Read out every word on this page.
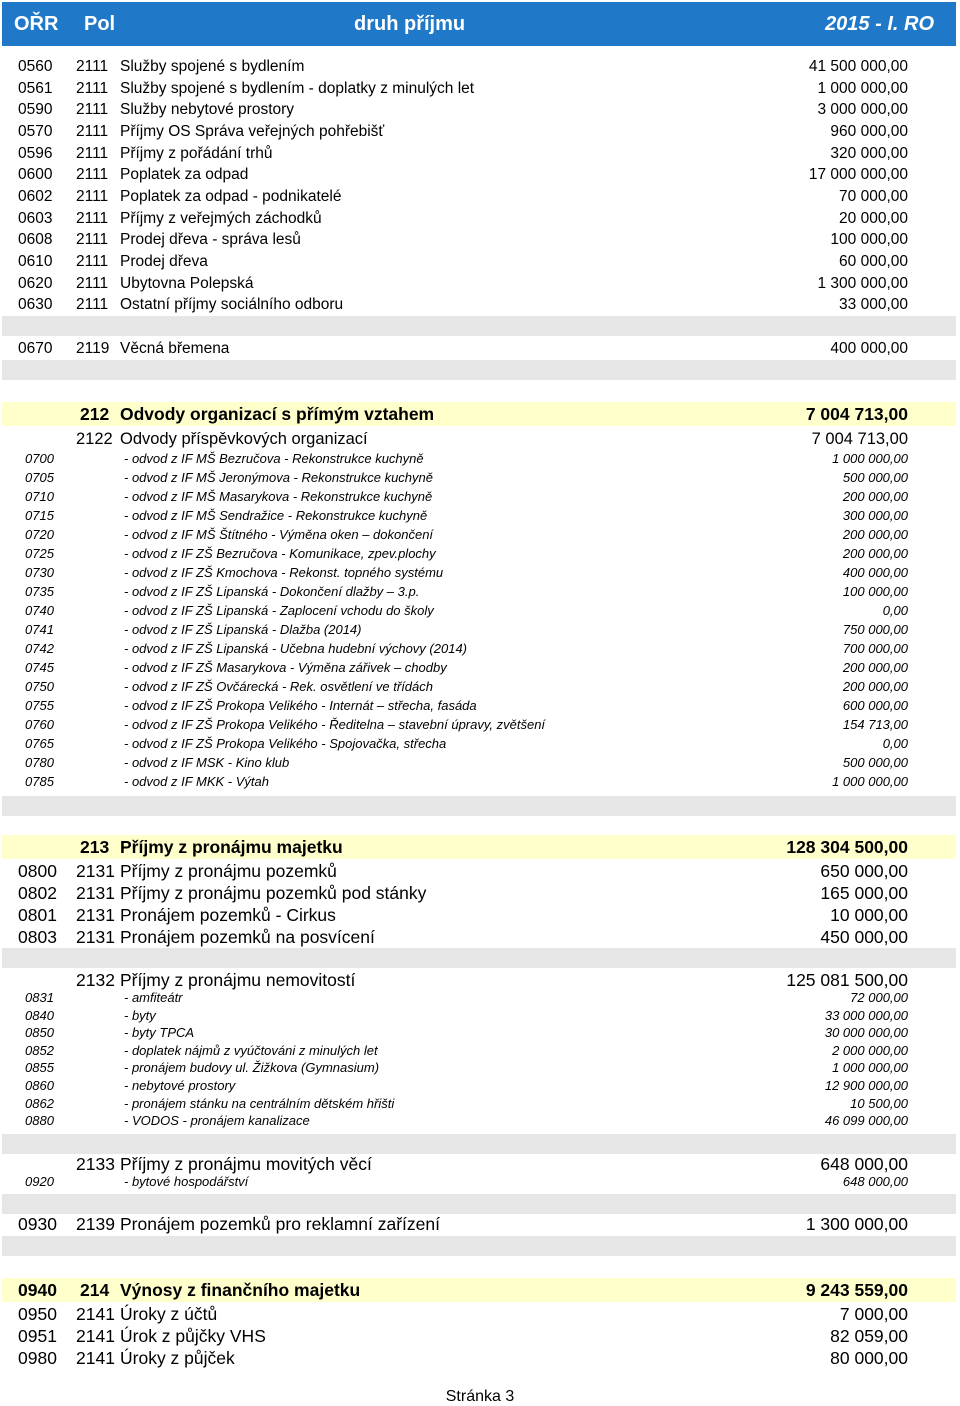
OŘR Pol	druh příjmu	2015 - I. RO
0560 2111 Služby spojené s bydlením	41 500 000,00
0561 2111 Služby spojené s bydlením - doplatky z minulých let	1 000 000,00
0590 2111 Služby nebytové prostory	3 000 000,00
0570 2111 Příjmy OS Správa veřejných pohřebišť	960 000,00
0596 2111 Příjmy z pořádání trhů	320 000,00
0600 2111 Poplatek za odpad	17 000 000,00
0602 2111 Poplatek za odpad - podnikatelé	70 000,00
0603 2111 Příjmy z veřejmých záchodků	20 000,00
0608 2111 Prodej dřeva - správa lesů	100 000,00
0610 2111 Prodej dřeva	60 000,00
0620 2111 Ubytovna Polepská	1 300 000,00
0630 2111 Ostatní příjmy sociálního odboru	33 000,00
0670 2119 Věcná břemena	400 000,00
212 Odvody organizací s přímým vztahem	7 004 713,00
2122 Odvody příspěvkových organizací	7 004 713,00
0700	- odvod z IF MŠ Bezručova - Rekonstrukce kuchyně	1 000 000,00
0705	- odvod z IF MŠ Jeronýmova - Rekonstrukce kuchyně	500 000,00
0710	- odvod z IF MŠ Masarykova - Rekonstrukce kuchyně	200 000,00
0715	- odvod z IF MŠ Sendražice - Rekonstrukce kuchyně	300 000,00
0720	- odvod z IF MŠ Štítného - Výměna oken – dokončení	200 000,00
0725	- odvod z IF ZŠ Bezručova - Komunikace, zpev.plochy	200 000,00
0730	- odvod z IF ZŠ Kmochova - Rekonst. topného systému	400 000,00
0735	- odvod z IF ZŠ Lipanská - Dokončení dlažby – 3.p.	100 000,00
0740	- odvod z IF ZŠ Lipanská - Zaplocení vchodu do školy	0,00
0741	- odvod z IF ZŠ Lipanská - Dlažba (2014)	750 000,00
0742	- odvod z IF ZŠ Lipanská - Učebna hudební výchovy (2014)	700 000,00
0745	- odvod z IF ZŠ Masarykova - Výměna zářivek – chodby	200 000,00
0750	- odvod z IF ZŠ Ovčárecká - Rek. osvětlení ve třídách	200 000,00
0755	- odvod z IF ZŠ Prokopa Velikého - Internát – střecha, fasáda	600 000,00
0760	- odvod z IF ZŠ Prokopa Velikého - Ředitelna – stavební úpravy, zvětšení	154 713,00
0765	- odvod z IF ZŠ Prokopa Velikého - Spojovačka, střecha	0,00
0780	- odvod z IF MSK - Kino klub	500 000,00
0785	- odvod z IF MKK - Výtah	1 000 000,00
213 Příjmy z pronájmu majetku	128 304 500,00
0800 2131 Příjmy z pronájmu pozemků	650 000,00
0802 2131 Příjmy z pronájmu pozemků pod stánky	165 000,00
0801 2131 Pronájem pozemků - Cirkus	10 000,00
0803 2131 Pronájem pozemků na posvícení	450 000,00
2132 Příjmy z pronájmu nemovitostí	125 081 500,00
0831	- amfiteátr	72 000,00
0840	- byty	33 000 000,00
0850	- byty TPCA	30 000 000,00
0852	- doplatek nájmů z vyúčtováni z minulých let	2 000 000,00
0855	- pronájem budovy ul. Žižkova (Gymnasium)	1 000 000,00
0860	- nebytové prostory	12 900 000,00
0862	- pronájem stánku na centrálním dětském hřišti	10 500,00
0880	- VODOS - pronájem kanalizace	46 099 000,00
2133 Příjmy z pronájmu movitých věcí	648 000,00
0920	- bytové hospodářství	648 000,00
0930 2139 Pronájem pozemků pro reklamní zařízení	1 300 000,00
0940 214 Výnosy z finančního majetku	9 243 559,00
0950 2141 Úroky z účtů	7 000,00
0951 2141 Úrok z půjčky VHS	82 059,00
0980 2141 Úroky z půjček	80 000,00
Stránka 3
